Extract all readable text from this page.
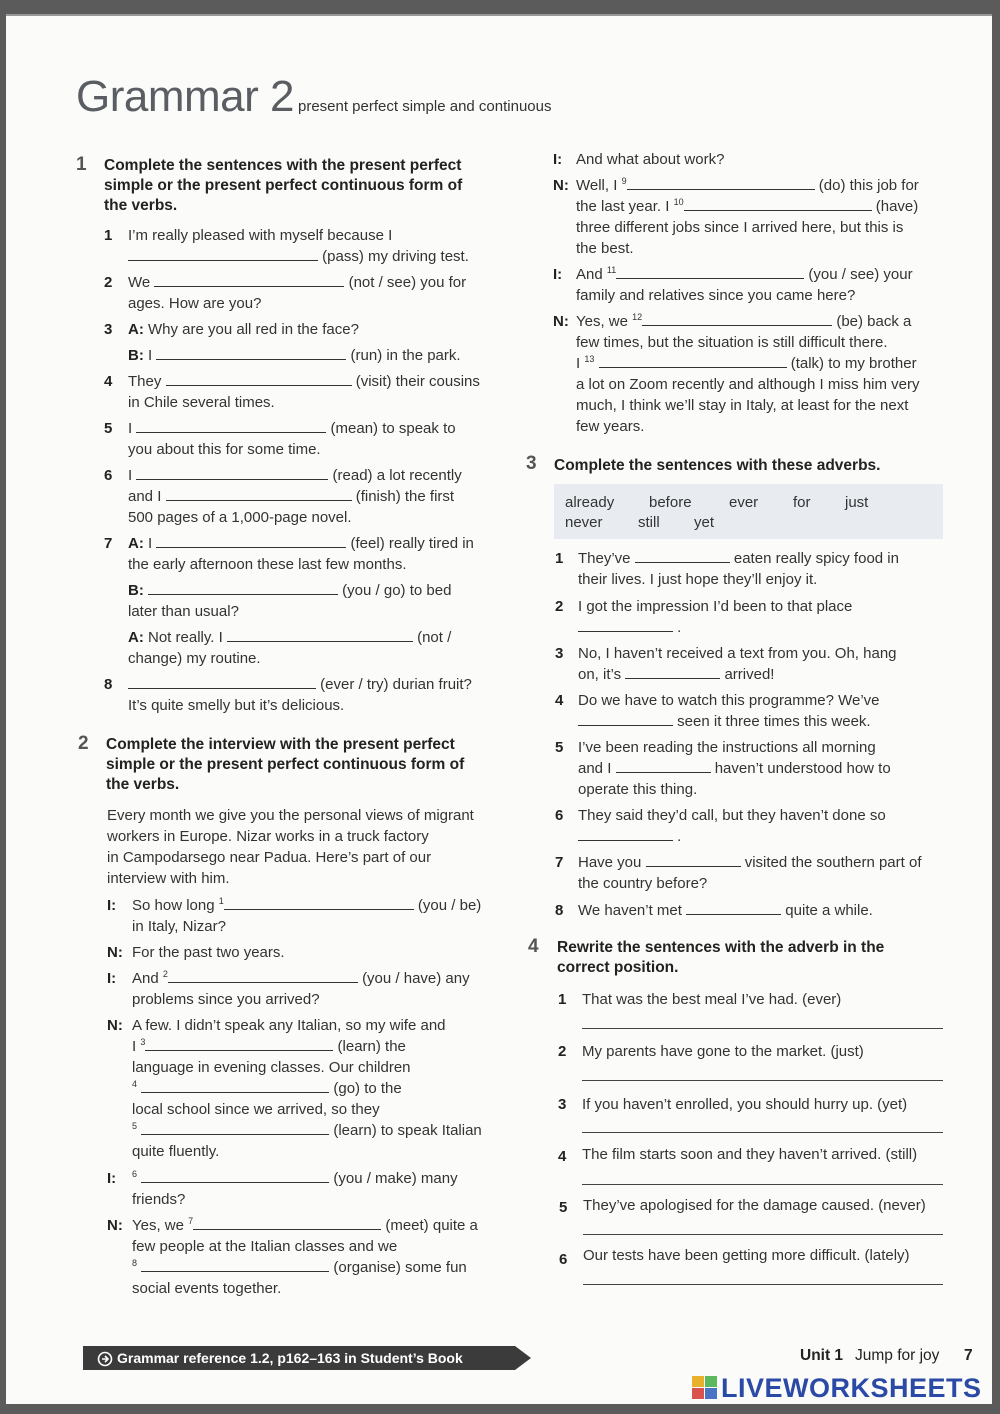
Grammar 2 present perfect simple and continuous
1 Complete the sentences with the present perfect
simple or the present perfect continuous form of
the verbs.
1 I’m really pleased with myself because I
(pass) my driving test.
2 We	(not / see) you for
ages. How are you?
3 A: Why are you all red in the face?
B: I	(run) in the park.
4 They	(visit) their cousins
in Chile several times.
5 I	(mean) to speak to
you about this for some time.
6 I	(read) a lot recently
and I	(finish) the first
500 pages of a 1,000-page novel.
7 A: I	(feel) really tired in
the early afternoon these last few months.
B:	(you / go) to bed
later than usual?
A: Not really. I	(not /
change) my routine.
8	(ever / try) durian fruit?
It’s quite smelly but it’s delicious.
2 Complete the interview with the present perfect
simple or the present perfect continuous form of
the verbs.
Every month we give you the personal views of migrant
workers in Europe. Nizar works in a truck factory
in Campodarsego near Padua. Here’s part of our
interview with him.
I: So how long $^1$	(you / be)
in Italy, Nizar?
N: For the past two years.
I: And $^2$	(you / have) any
problems since you arrived?
N: A few. I didn’t speak any Italian, so my wife and
I $^3$	(learn) the
language in evening classes. Our children
$^4$	(go) to the
local school since we arrived, so they
$^5$	(learn) to speak Italian
quite fluently.
I: $^6$	(you / make) many
friends?
N: Yes, we $^7$	(meet) quite a
few people at the Italian classes and we
$^8$	(organise) some fun
social events together.
I: And what about work?
N: Well, I $^9$	(do) this job for
the last year. I $^{10}$	(have)
three different jobs since I arrived here, but this is
the best.
I: And $^{11}$	(you / see) your
family and relatives since you came here?
N: Yes, we $^{12}$	(be) back a
few times, but the situation is still difficult there.
I $^{13}$	(talk) to my brother
a lot on Zoom recently and although I miss him very
much, I think we’ll stay in Italy, at least for the next
few years.
3 Complete the sentences with these adverbs.
already before ever for just
never still yet
1 They’ve	eaten really spicy food in
their lives. I just hope they’ll enjoy it.
2 I got the impression I’d been to that place
.
3 No, I haven’t received a text from you. Oh, hang
on, it’s	arrived!
4 Do we have to watch this programme? We’ve
seen it three times this week.
5 I’ve been reading the instructions all morning
and I	haven’t understood how to
operate this thing.
6 They said they’d call, but they haven’t done so
.
7 Have you	visited the southern part of
the country before?
8 We haven’t met	quite a while.
4 Rewrite the sentences with the adverb in the
correct position.
1 That was the best meal I’ve had. (ever)
2 My parents have gone to the market. (just)
3 If you haven’t enrolled, you should hurry up. (yet)
4 The film starts soon and they haven’t arrived. (still)
5 They’ve apologised for the damage caused. (never)
6 Our tests have been getting more difficult. (lately)
Grammar reference 1.2, p162–163 in Student’s Book	Unit 1 Jump for joy 7
LIVEWORKSHEETS
